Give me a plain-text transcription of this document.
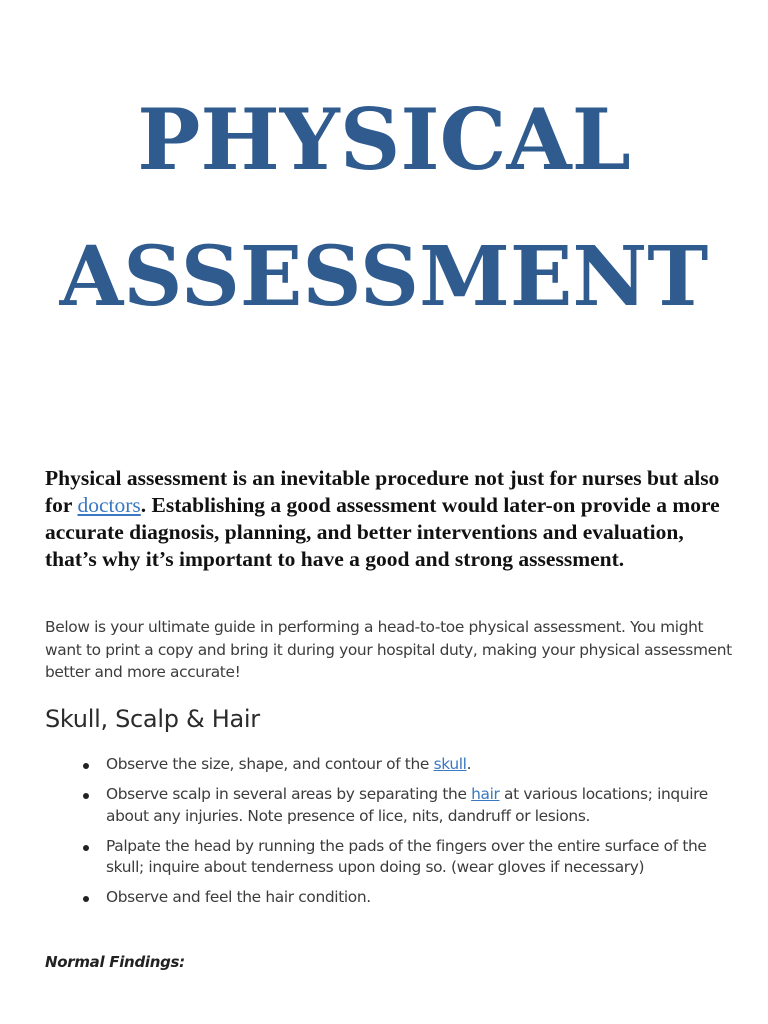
PHYSICAL
ASSESSMENT

Physical assessment is an inevitable procedure not just for nurses but also for doctors. Establishing a good assessment would later-on provide a more accurate diagnosis, planning, and better interventions and evaluation, that’s why it’s important to have a good and strong assessment.

Below is your ultimate guide in performing a head-to-toe physical assessment. You might want to print a copy and bring it during your hospital duty, making your physical assessment better and more accurate!

Skull, Scalp & Hair
Observe the size, shape, and contour of the skull.
Observe scalp in several areas by separating the hair at various locations; inquire about any injuries. Note presence of lice, nits, dandruff or lesions.
Palpate the head by running the pads of the fingers over the entire surface of the skull; inquire about tenderness upon doing so. (wear gloves if necessary)
Observe and feel the hair condition.

Normal Findings:
